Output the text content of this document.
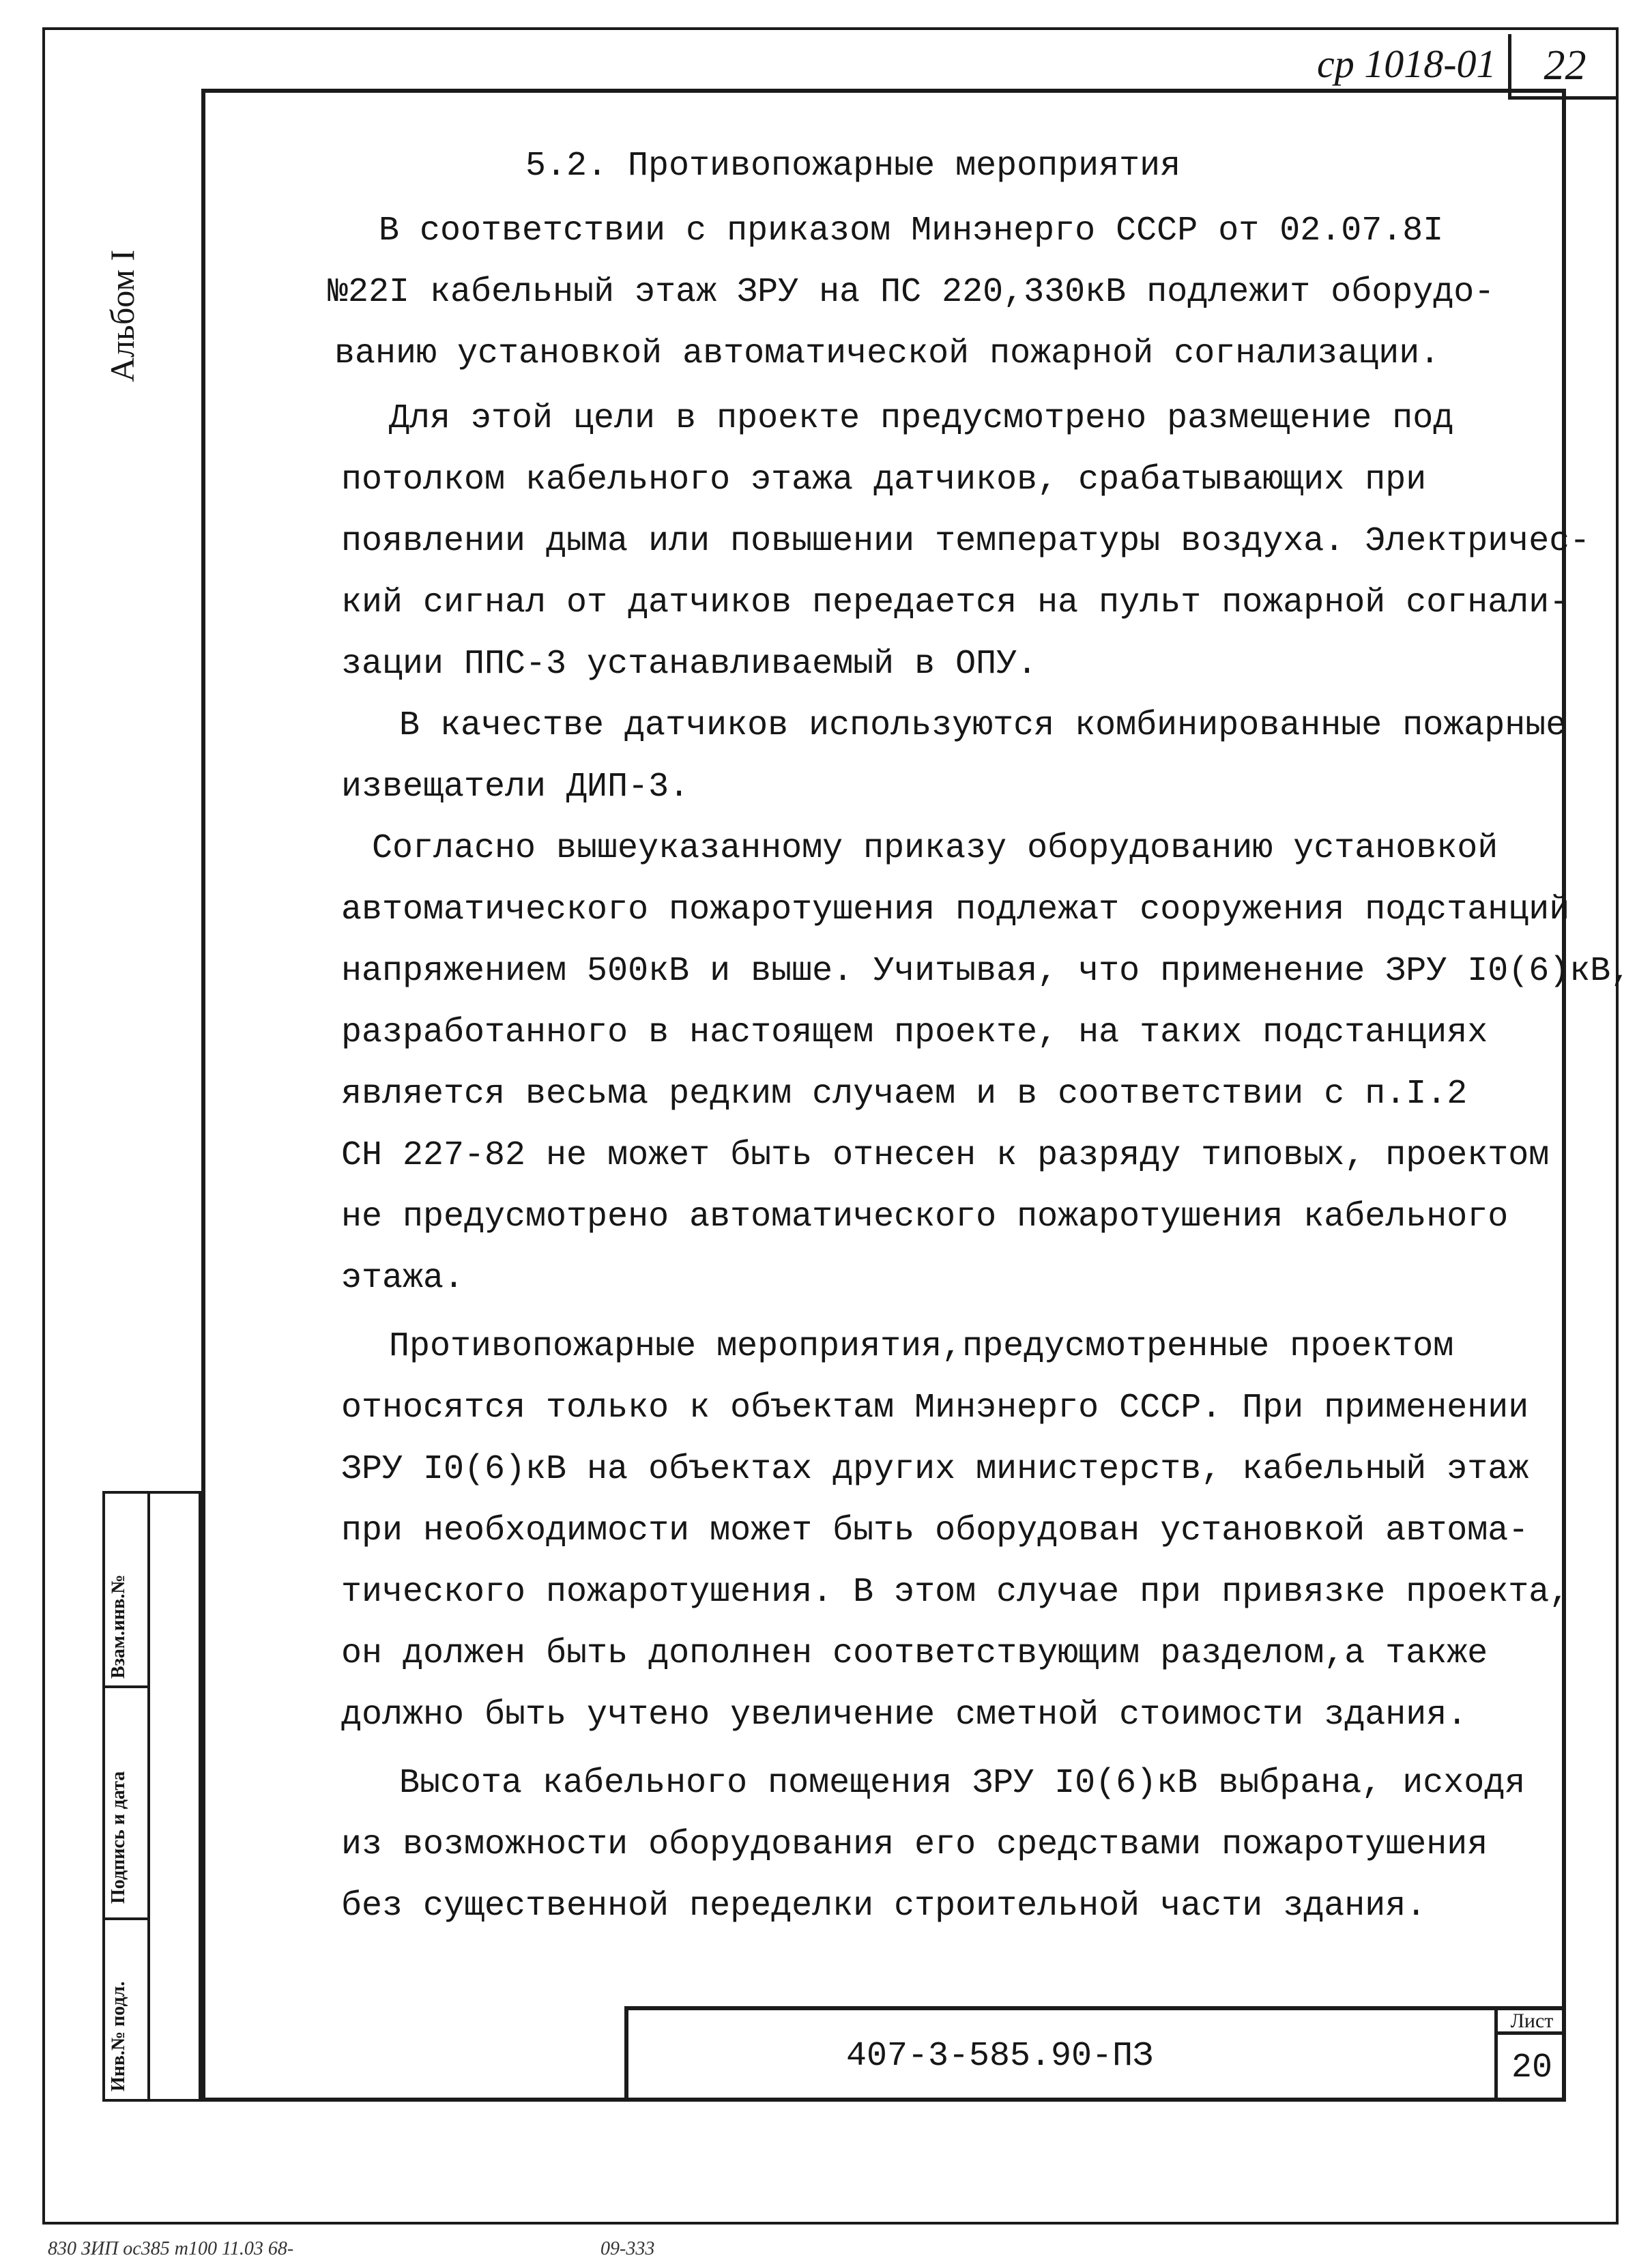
ср 1018-01	22
Альбом I
Взам.инв.№
Подпись и дата
Инв.№ подл.
5.2. Противопожарные мероприятия
В соответствии с приказом Минэнерго СССР от 02.07.8I
№22I кабельный этаж ЗРУ на ПС 220,330кВ подлежит оборудо-
ванию установкой автоматической пожарной согнализации.
Для этой цели в проекте предусмотрено размещение под
потолком кабельного этажа датчиков, срабатывающих при
появлении дыма или повышении температуры воздуха. Электричес-
кий сигнал от датчиков передается на пульт пожарной согнали-
зации ППС-3 устанавливаемый в ОПУ.
В качестве датчиков используются комбинированные пожарные
извещатели ДИП-3.
Согласно вышеуказанному приказу оборудованию установкой
автоматического пожаротушения подлежат сооружения подстанций
напряжением 500кВ и выше. Учитывая, что применение ЗРУ I0(6)кВ,
разработанного в настоящем проекте, на таких подстанциях
является весьма редким случаем и в соответствии с п.I.2
СН 227-82 не может быть отнесен к разряду типовых, проектом
не предусмотрено автоматического пожаротушения кабельного
этажа.
Противопожарные мероприятия,предусмотренные проектом
относятся только к объектам Минэнерго СССР. При применении
ЗРУ I0(6)кВ на объектах других министерств, кабельный этаж
при необходимости может быть оборудован установкой автома-
тического пожаротушения. В этом случае при привязке проекта,
он должен быть дополнен соответствующим разделом,а также
должно быть учтено увеличение сметной стоимости здания.
Высота кабельного помещения ЗРУ I0(6)кВ выбрана, исходя
из возможности оборудования его средствами пожаротушения
без существенной переделки строительной части здания.
407-3-585.90-ПЗ
Лист
20
830 ЗИП ос385 т100 11.03 68-	09-333
